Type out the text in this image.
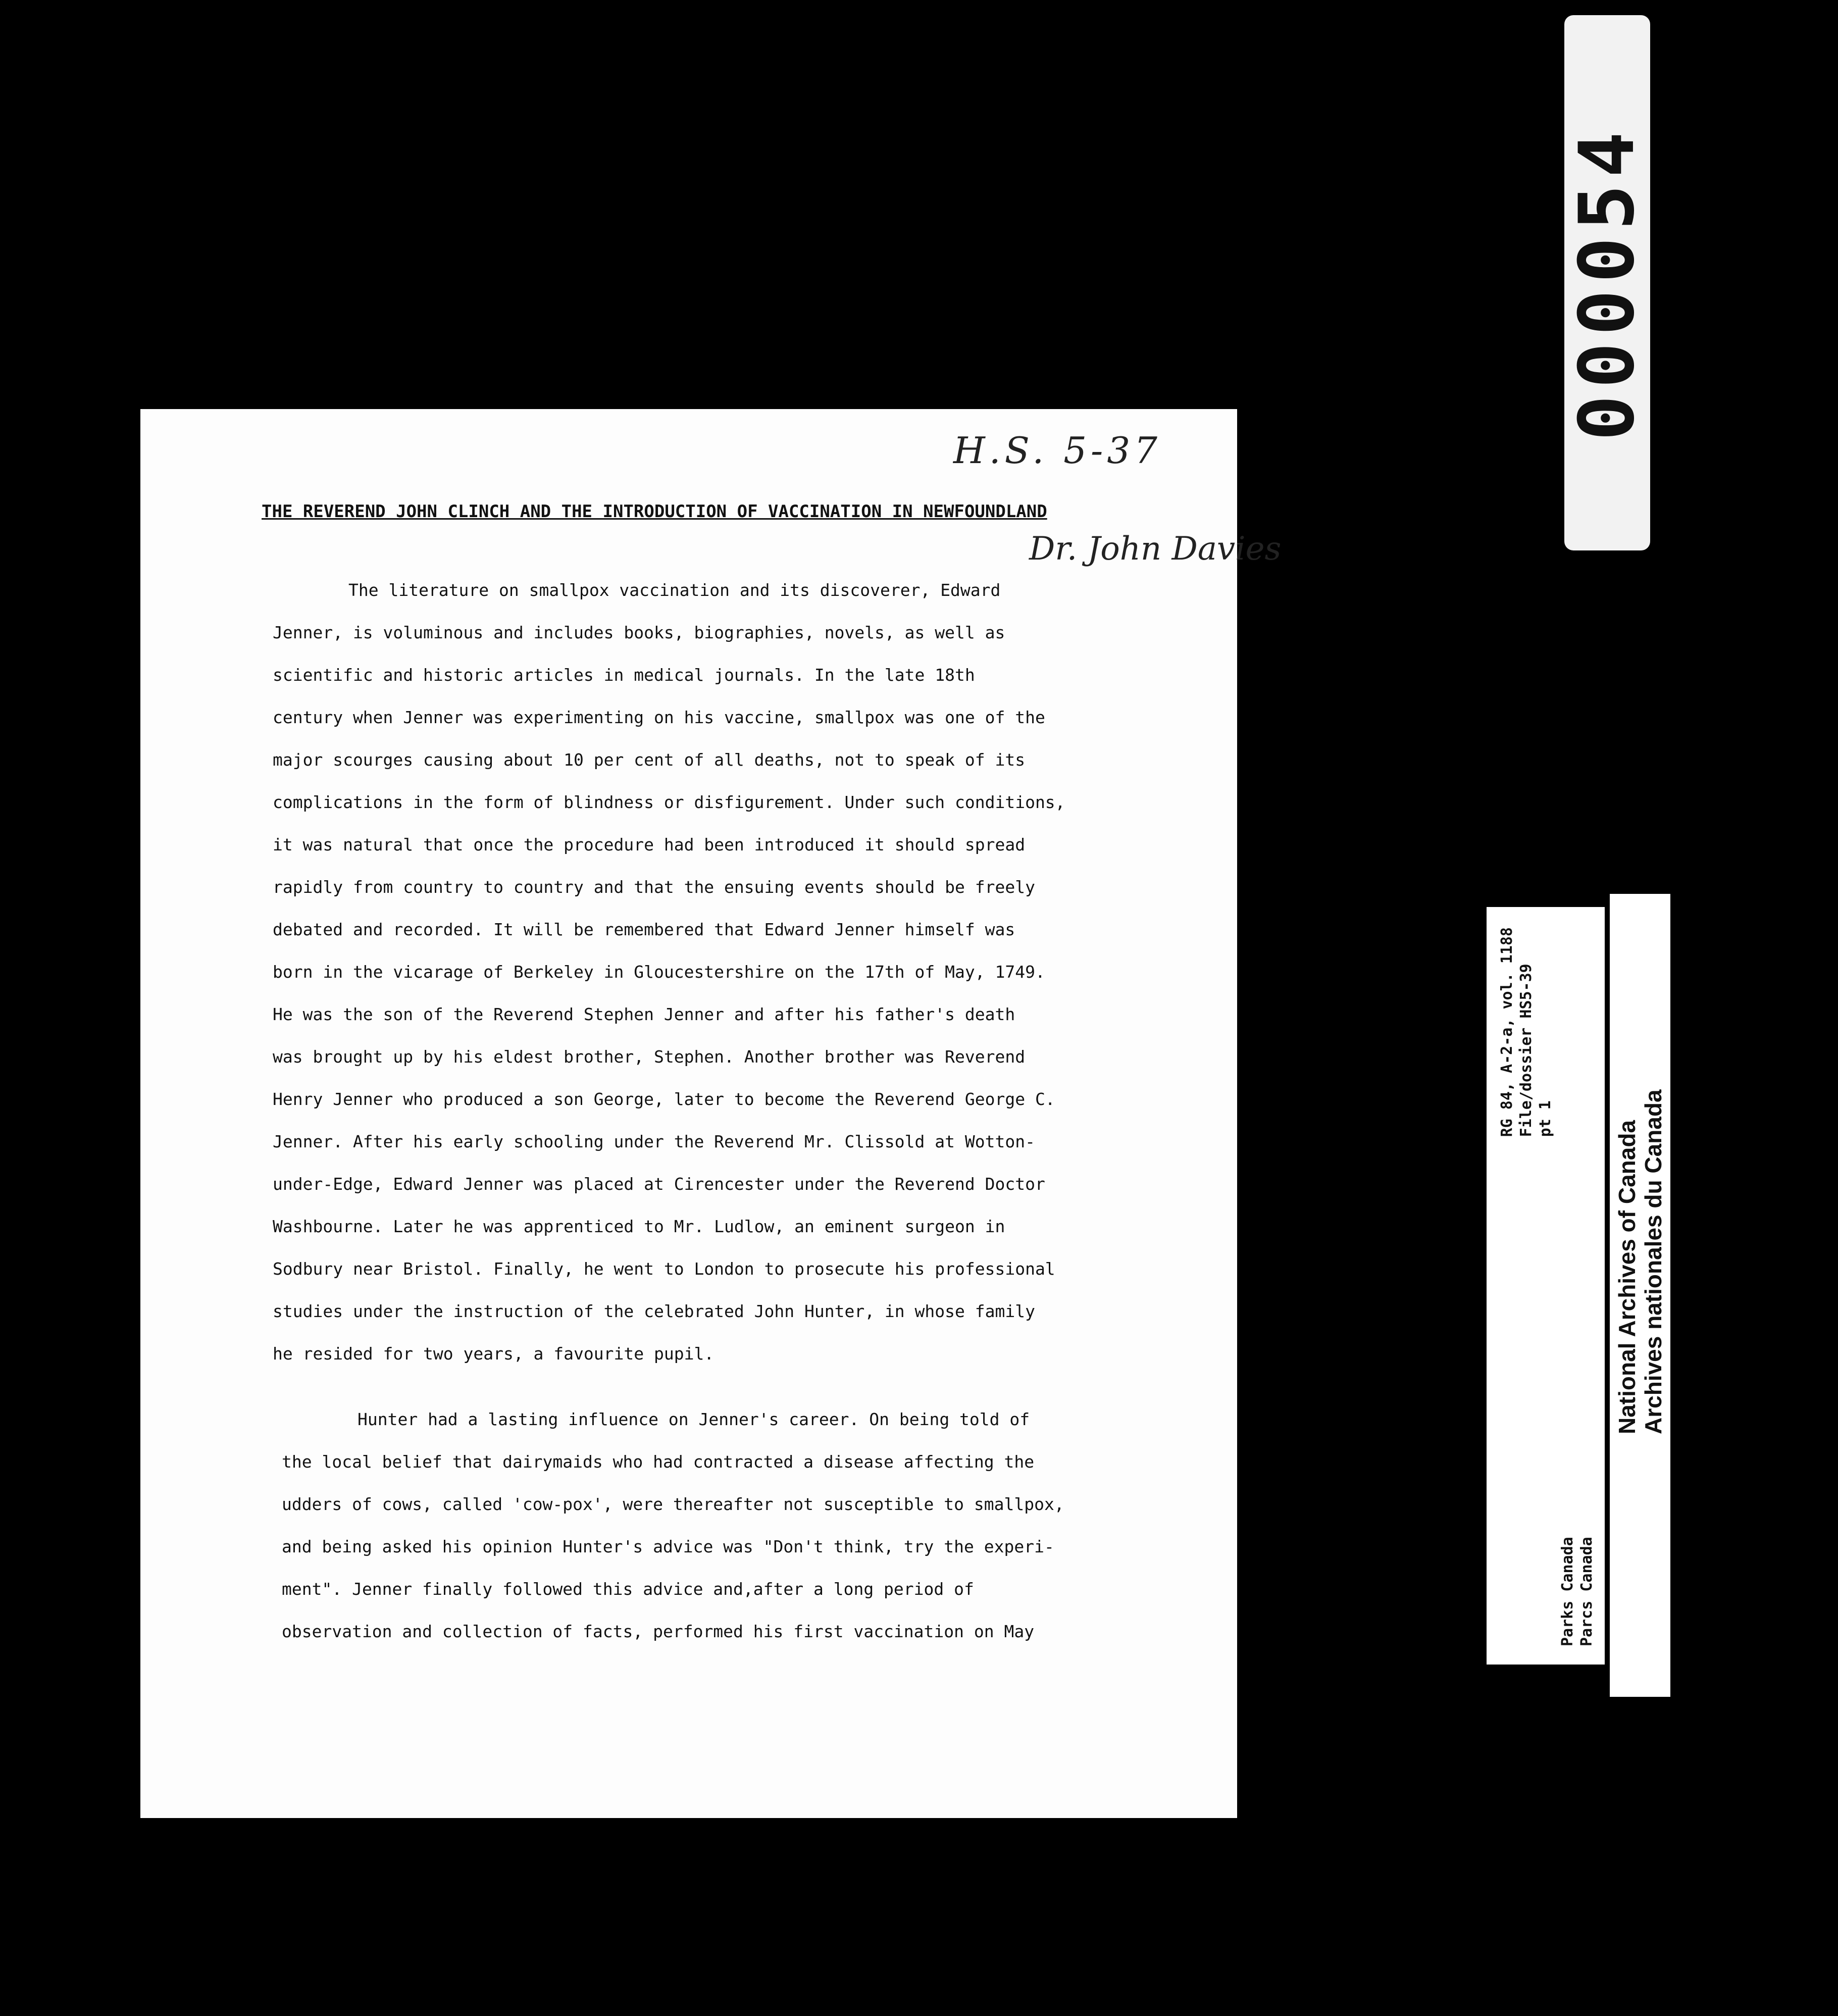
000054
RG 84, A-2-a, vol. 1188 File/dossier HS5-39 pt 1
Parks Canada Parcs Canada
National Archives of Canada Archives nationales du Canada
H.S. 5-37
Dr. John Davies
THE REVEREND JOHN CLINCH AND THE INTRODUCTION OF VACCINATION IN NEWFOUNDLAND
The literature on smallpox vaccination and its discoverer, Edward
Jenner, is voluminous and includes books, biographies, novels, as well as
scientific and historic articles in medical journals. In the late 18th
century when Jenner was experimenting on his vaccine, smallpox was one of the
major scourges causing about 10 per cent of all deaths, not to speak of its
complications in the form of blindness or disfigurement. Under such conditions,
it was natural that once the procedure had been introduced it should spread
rapidly from country to country and that the ensuing events should be freely
debated and recorded. It will be remembered that Edward Jenner himself was
born in the vicarage of Berkeley in Gloucestershire on the 17th of May, 1749.
He was the son of the Reverend Stephen Jenner and after his father's death
was brought up by his eldest brother, Stephen. Another brother was Reverend
Henry Jenner who produced a son George, later to become the Reverend George C.
Jenner. After his early schooling under the Reverend Mr. Clissold at Wotton-
under-Edge, Edward Jenner was placed at Cirencester under the Reverend Doctor
Washbourne. Later he was apprenticed to Mr. Ludlow, an eminent surgeon in
Sodbury near Bristol. Finally, he went to London to prosecute his professional
studies under the instruction of the celebrated John Hunter, in whose family
he resided for two years, a favourite pupil.
Hunter had a lasting influence on Jenner's career. On being told of
the local belief that dairymaids who had contracted a disease affecting the
udders of cows, called 'cow-pox', were thereafter not susceptible to smallpox,
and being asked his opinion Hunter's advice was "Don't think, try the experi-
ment". Jenner finally followed this advice and,after a long period of
observation and collection of facts, performed his first vaccination on May
